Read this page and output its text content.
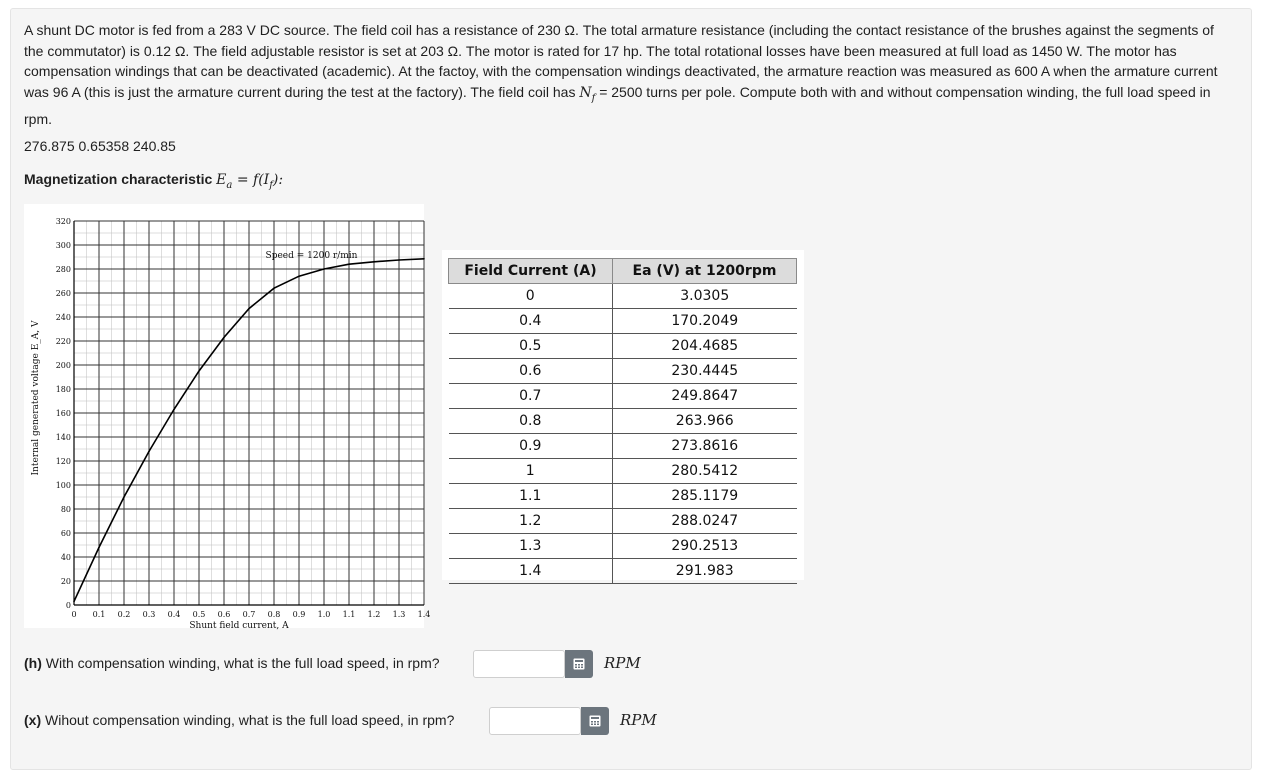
A shunt DC motor is fed from a 283 V DC source. The field coil has a resistance of 230 Ω. The total armature resistance (including the contact resistance of the brushes against the segments of the commutator) is 0.12 Ω. The field adjustable resistor is set at 203 Ω. The motor is rated for 17 hp. The total rotational losses have been measured at full load as 1450 W. The motor has compensation windings that can be deactivated (academic). At the factoy, with the compensation windings deactivated, the armature reaction was measured as 600 A when the armature current was 96 A (this is just the armature current during the test at the factory). The field coil has $N_f = 2500$ turns per pole. Compute both with and without compensation winding, the full load speed in rpm.
276.875 0.65358 240.85
Magnetization characteristic $E_a = f(I_f)$:
0 0.1 0.2 0.3 0.4 0.5 0.6 0.7 0.8 0.9 1.0 1.1 1.2 1.3 1.4
0
20
40
60
80
100
120
140
160
180
200
220
240
260
280
300
320
Speed = 1200 r/min
Shunt field current, A
Internal generated voltage E_A, V
Field Current (A)	Ea (V) at 1200rpm
0	3.0305
0.4	170.2049
0.5	204.4685
0.6	230.4445
0.7	249.8647
0.8	263.966
0.9	273.8616
1	280.5412
1.1	285.1179
1.2	288.0247
1.3	290.2513
1.4	291.983
(h) With compensation winding, what is the full load speed, in rpm?	RPM
(x) Wihout compensation winding, what is the full load speed, in rpm?	RPM
